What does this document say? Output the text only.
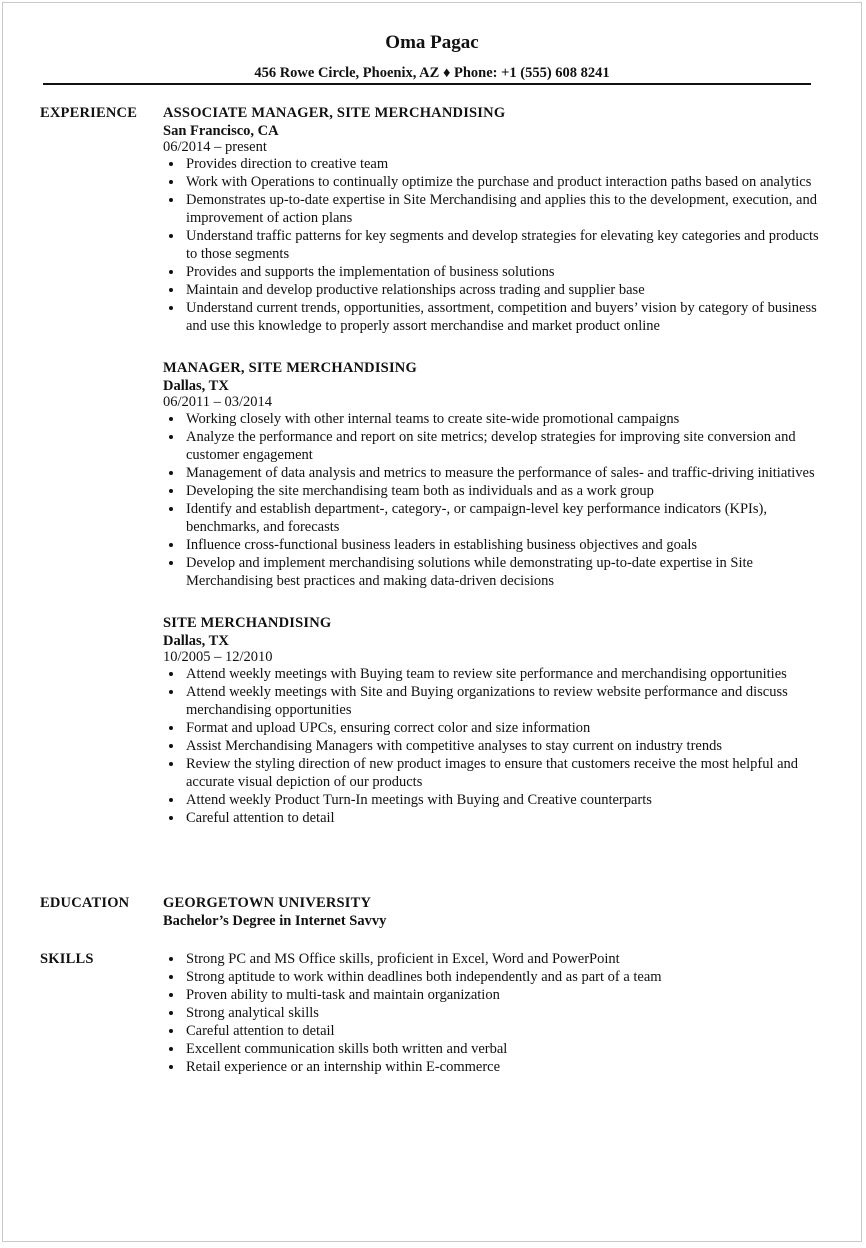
Oma Pagac
456 Rowe Circle, Phoenix, AZ ♦ Phone: +1 (555) 608 8241
EXPERIENCE ASSOCIATE MANAGER, SITE MERCHANDISING
San Francisco, CA
06/2014 – present
Provides direction to creative team
Work with Operations to continually optimize the purchase and product interaction paths based on analytics
Demonstrates up-to-date expertise in Site Merchandising and applies this to the development, execution, and improvement of action plans
Understand traffic patterns for key segments and develop strategies for elevating key categories and products to those segments
Provides and supports the implementation of business solutions
Maintain and develop productive relationships across trading and supplier base
Understand current trends, opportunities, assortment, competition and buyers’ vision by category of business and use this knowledge to properly assort merchandise and market product online
MANAGER, SITE MERCHANDISING
Dallas, TX
06/2011 – 03/2014
Working closely with other internal teams to create site-wide promotional campaigns
Analyze the performance and report on site metrics; develop strategies for improving site conversion and customer engagement
Management of data analysis and metrics to measure the performance of sales- and traffic-driving initiatives
Developing the site merchandising team both as individuals and as a work group
Identify and establish department-, category-, or campaign-level key performance indicators (KPIs), benchmarks, and forecasts
Influence cross-functional business leaders in establishing business objectives and goals
Develop and implement merchandising solutions while demonstrating up-to-date expertise in Site Merchandising best practices and making data-driven decisions
SITE MERCHANDISING
Dallas, TX
10/2005 – 12/2010
Attend weekly meetings with Buying team to review site performance and merchandising opportunities
Attend weekly meetings with Site and Buying organizations to review website performance and discuss merchandising opportunities
Format and upload UPCs, ensuring correct color and size information
Assist Merchandising Managers with competitive analyses to stay current on industry trends
Review the styling direction of new product images to ensure that customers receive the most helpful and accurate visual depiction of our products
Attend weekly Product Turn-In meetings with Buying and Creative counterparts
Careful attention to detail
EDUCATION GEORGETOWN UNIVERSITY
Bachelor’s Degree in Internet Savvy
SKILLS	Strong PC and MS Office skills, proficient in Excel, Word and PowerPoint
Strong aptitude to work within deadlines both independently and as part of a team
Proven ability to multi-task and maintain organization
Strong analytical skills
Careful attention to detail
Excellent communication skills both written and verbal
Retail experience or an internship within E-commerce
